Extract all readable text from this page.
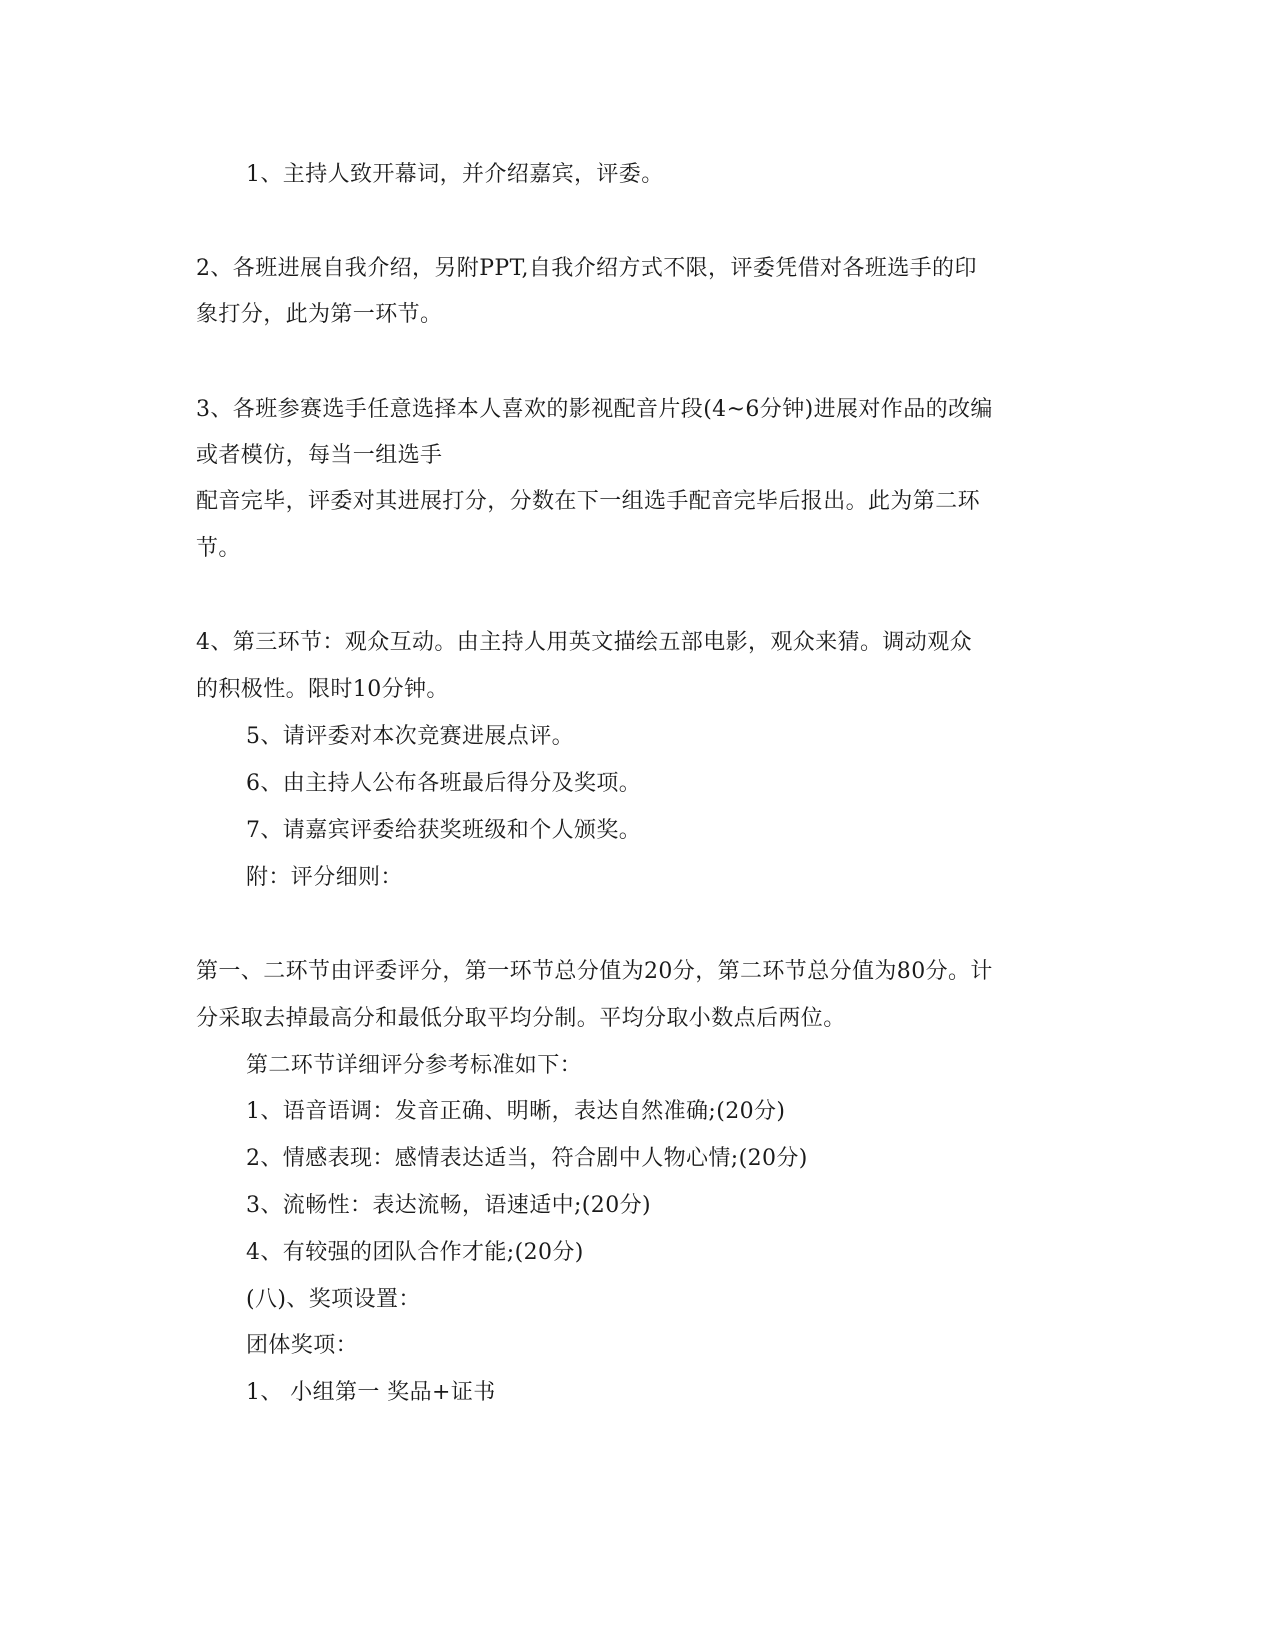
1、主持人致开幕词，并介绍嘉宾，评委。

2、各班进展自我介绍，另附PPT,自我介绍方式不限，评委凭借对各班选手的印

象打分，此为第一环节。

3、各班参赛选手任意选择本人喜欢的影视配音片段(4~6分钟)进展对作品的改编

或者模仿，每当一组选手

配音完毕，评委对其进展打分，分数在下一组选手配音完毕后报出。此为第二环

节。

4、第三环节：观众互动。由主持人用英文描绘五部电影，观众来猜。调动观众

的积极性。限时10分钟。

5、请评委对本次竞赛进展点评。

6、由主持人公布各班最后得分及奖项。

7、请嘉宾评委给获奖班级和个人颁奖。

附：评分细则：

第一、二环节由评委评分，第一环节总分值为20分，第二环节总分值为80分。计

分采取去掉最高分和最低分取平均分制。平均分取小数点后两位。

第二环节详细评分参考标准如下：

1、语音语调：发音正确、明晰，表达自然准确;(20分)

2、情感表现：感情表达适当，符合剧中人物心情;(20分)

3、流畅性：表达流畅，语速适中;(20分)

4、有较强的团队合作才能;(20分)

(八)、奖项设置：

团体奖项：

1、 小组第一 奖品+证书
